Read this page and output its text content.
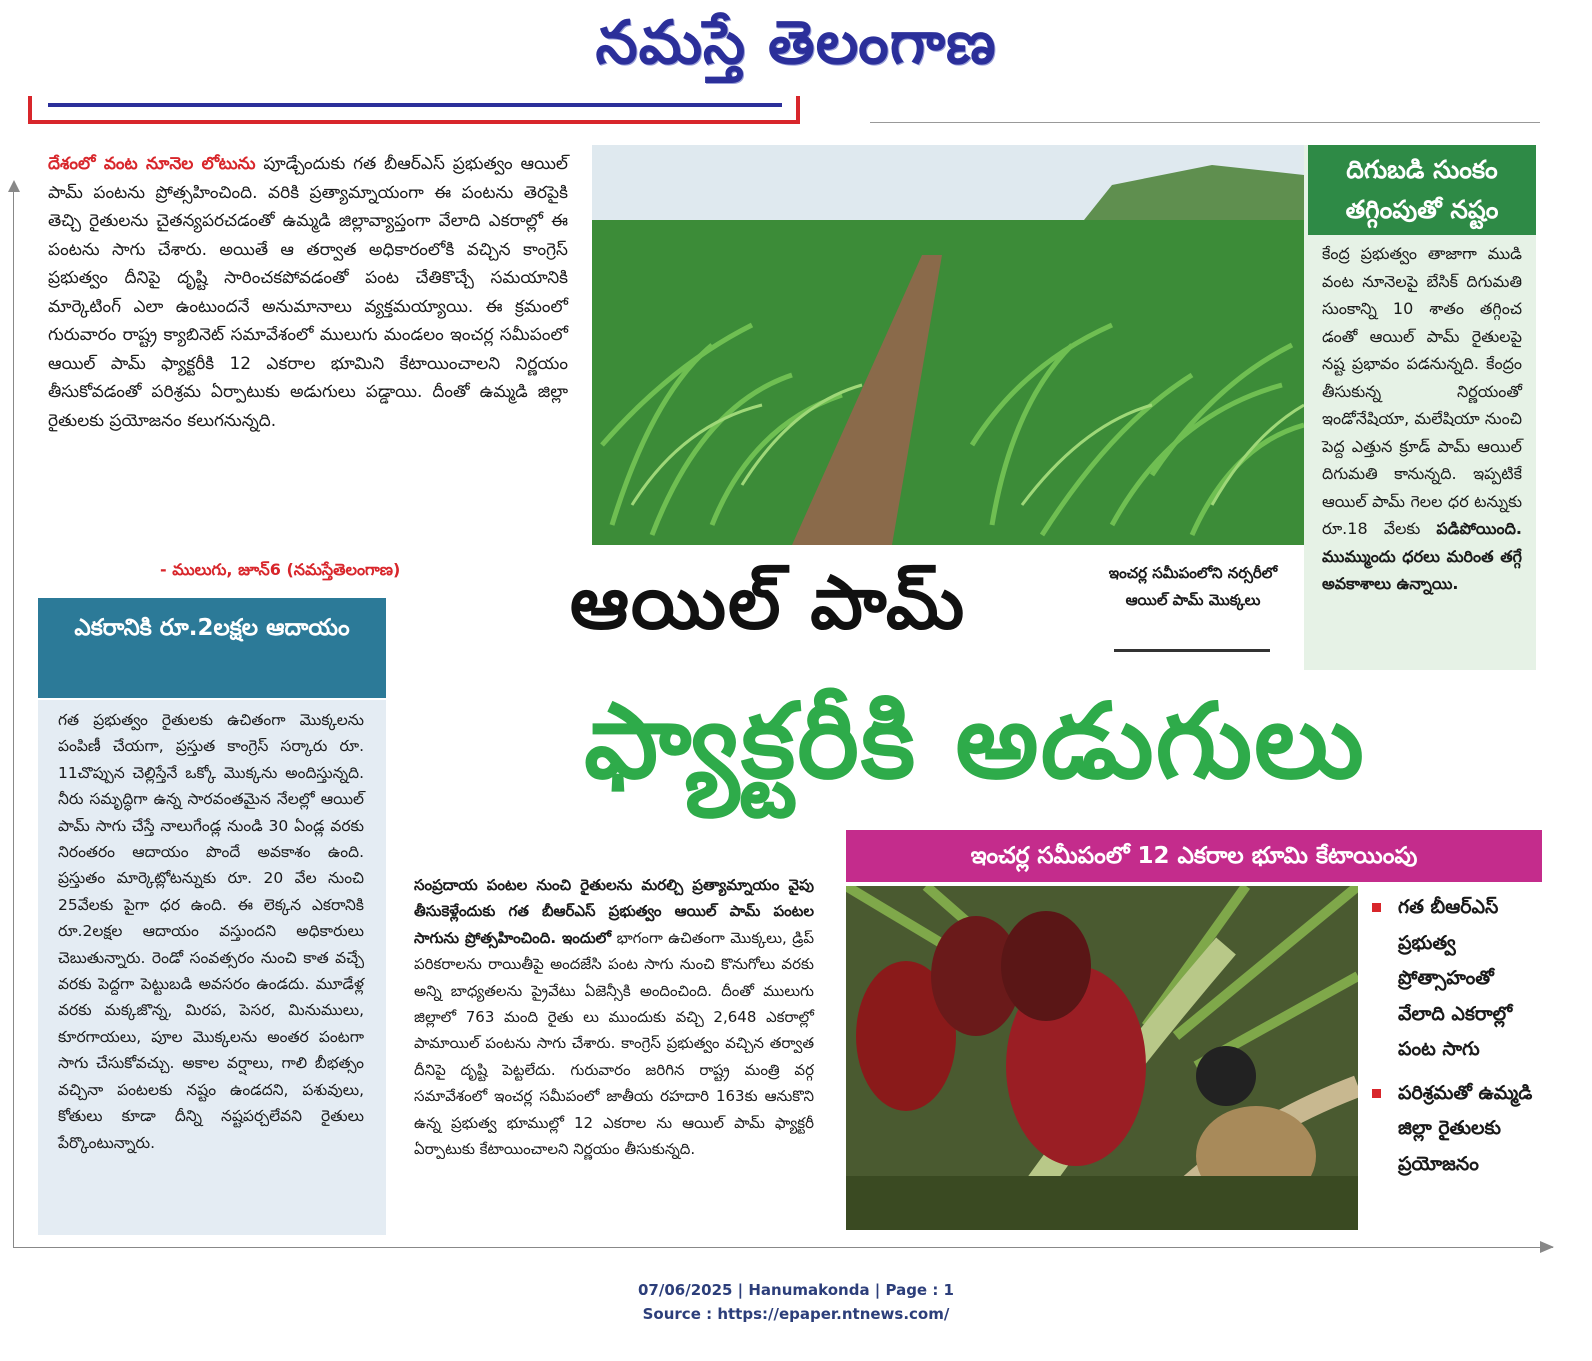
నమస్తే తెలంగాణ
దేశంలో వంట నూనెల లోటును పూడ్చేందుకు గత బీఆర్ఎస్ ప్రభుత్వం ఆయిల్ పామ్ పంటను ప్రోత్సహించింది. వరికి ప్రత్యామ్నాయంగా ఈ పంటను తెరపైకి తెచ్చి రైతులను చైతన్యపరచడంతో ఉమ్మడి జిల్లావ్యాప్తంగా వేలాది ఎకరాల్లో ఈ పంటను సాగు చేశారు. అయితే ఆ తర్వాత అధికారంలోకి వచ్చిన కాంగ్రెస్ ప్రభుత్వం దీనిపై దృష్టి సారించకపోవడంతో పంట చేతికొచ్చే సమయానికి మార్కెటింగ్ ఎలా ఉంటుందనే అనుమానాలు వ్యక్తమయ్యాయి. ఈ క్రమంలో గురువారం రాష్ట్ర క్యాబినెట్ సమావేశంలో ములుగు మండలం ఇంచర్ల సమీపంలో ఆయిల్ పామ్ ఫ్యాక్టరీకి 12 ఎకరాల భూమిని కేటాయించాలని నిర్ణయం తీసుకోవడంతో పరిశ్రమ ఏర్పాటుకు అడుగులు పడ్డాయి. దీంతో ఉమ్మడి జిల్లా రైతులకు ప్రయోజనం కలుగనున్నది.
- ములుగు, జూన్6 (నమస్తేతెలంగాణ)
దిగుబడి సుంకం తగ్గింపుతో నష్టం
కేంద్ర ప్రభుత్వం తాజాగా ముడి వంట నూనెలపై బేసిక్ దిగుమతి సుంకాన్ని 10 శాతం తగ్గించ డంతో ఆయిల్ పామ్ రైతులపై నష్ట ప్రభావం పడనున్నది. కేంద్రం తీసుకున్న నిర్ణయంతో ఇండోనేషియా, మలేషియా నుంచి పెద్ద ఎత్తున క్రూడ్ పామ్ ఆయిల్ దిగుమతి కానున్నది. ఇప్పటికే ఆయిల్ పామ్ గెలల ధర టన్నుకు రూ.18 వేలకు పడిపోయింది. ముమ్ముందు ధరలు మరింత తగ్గే అవకాశాలు ఉన్నాయి.
ఇంచర్ల సమీపంలోని నర్సరీలో ఆయిల్ పామ్ మొక్కలు
ఆయిల్ పామ్
ఫ్యాక్టరీకి అడుగులు
ఎకరానికి రూ.2లక్షల ఆదాయం
గత ప్రభుత్వం రైతులకు ఉచితంగా మొక్కలను పంపిణీ చేయగా, ప్రస్తుత కాంగ్రెస్ సర్కారు రూ. 11చొప్పున చెల్లిస్తేనే ఒక్కో మొక్కను అందిస్తున్నది. నీరు సమృద్ధిగా ఉన్న సారవంతమైన నేలల్లో ఆయిల్ పామ్ సాగు చేస్తే నాలుగేండ్ల నుండి 30 ఏండ్ల వరకు నిరంతరం ఆదాయం పొందే అవకాశం ఉంది. ప్రస్తుతం మార్కెట్లోటన్నుకు రూ. 20 వేల నుంచి 25వేలకు పైగా ధర ఉంది. ఈ లెక్కన ఎకరానికి రూ.2లక్షల ఆదాయం వస్తుందని అధికారులు చెబుతున్నారు. రెండో సంవత్సరం నుంచి కాత వచ్చే వరకు పెద్దగా పెట్టుబడి అవసరం ఉండదు. మూడేళ్ల వరకు మక్కజొన్న, మిరప, పెసర, మినుములు, కూరగాయలు, పూల మొక్కలను అంతర పంటగా సాగు చేసుకోవచ్చు. అకాల వర్షాలు, గాలి బీభత్సం వచ్చినా పంటలకు నష్టం ఉండదని, పశువులు, కోతులు కూడా దీన్ని నష్టపర్చలేవని రైతులు పేర్కొంటున్నారు.
ఇంచర్ల సమీపంలో 12 ఎకరాల భూమి కేటాయింపు
సంప్రదాయ పంటల నుంచి రైతులను మరల్చి ప్రత్యామ్నాయం వైపు తీసుకెళ్లేందుకు గత బీఆర్ఎస్ ప్రభుత్వం ఆయిల్ పామ్ పంటల సాగును ప్రోత్సహించింది. ఇందులో భాగంగా ఉచితంగా మొక్కలు, డ్రిప్ పరికరాలను రాయితీపై అందజేసి పంట సాగు నుంచి కొనుగోలు వరకు అన్ని బాధ్యతలను ప్రైవేటు ఏజెన్సీకి అందించింది. దీంతో ములుగు జిల్లాలో 763 మంది రైతు లు ముందుకు వచ్చి 2,648 ఎకరాల్లో పామాయిల్ పంటను సాగు చేశారు. కాంగ్రెస్ ప్రభుత్వం వచ్చిన తర్వాత దీనిపై దృష్టి పెట్టలేదు. గురువారం జరిగిన రాష్ట్ర మంత్రి వర్గ సమావేశంలో ఇంచర్ల సమీపంలో జాతీయ రహదారి 163కు ఆనుకొని ఉన్న ప్రభుత్వ భూముల్లో 12 ఎకరాల ను ఆయిల్ పామ్ ఫ్యాక్టరీ ఏర్పాటుకు కేటాయించాలని నిర్ణయం తీసుకున్నది.
గత బీఆర్ఎస్ ప్రభుత్వ ప్రోత్సాహంతో వేలాది ఎకరాల్లో పంట సాగు
పరిశ్రమతో ఉమ్మడి జిల్లా రైతులకు ప్రయోజనం
07/06/2025 | Hanumakonda | Page : 1
Source : https://epaper.ntnews.com/
